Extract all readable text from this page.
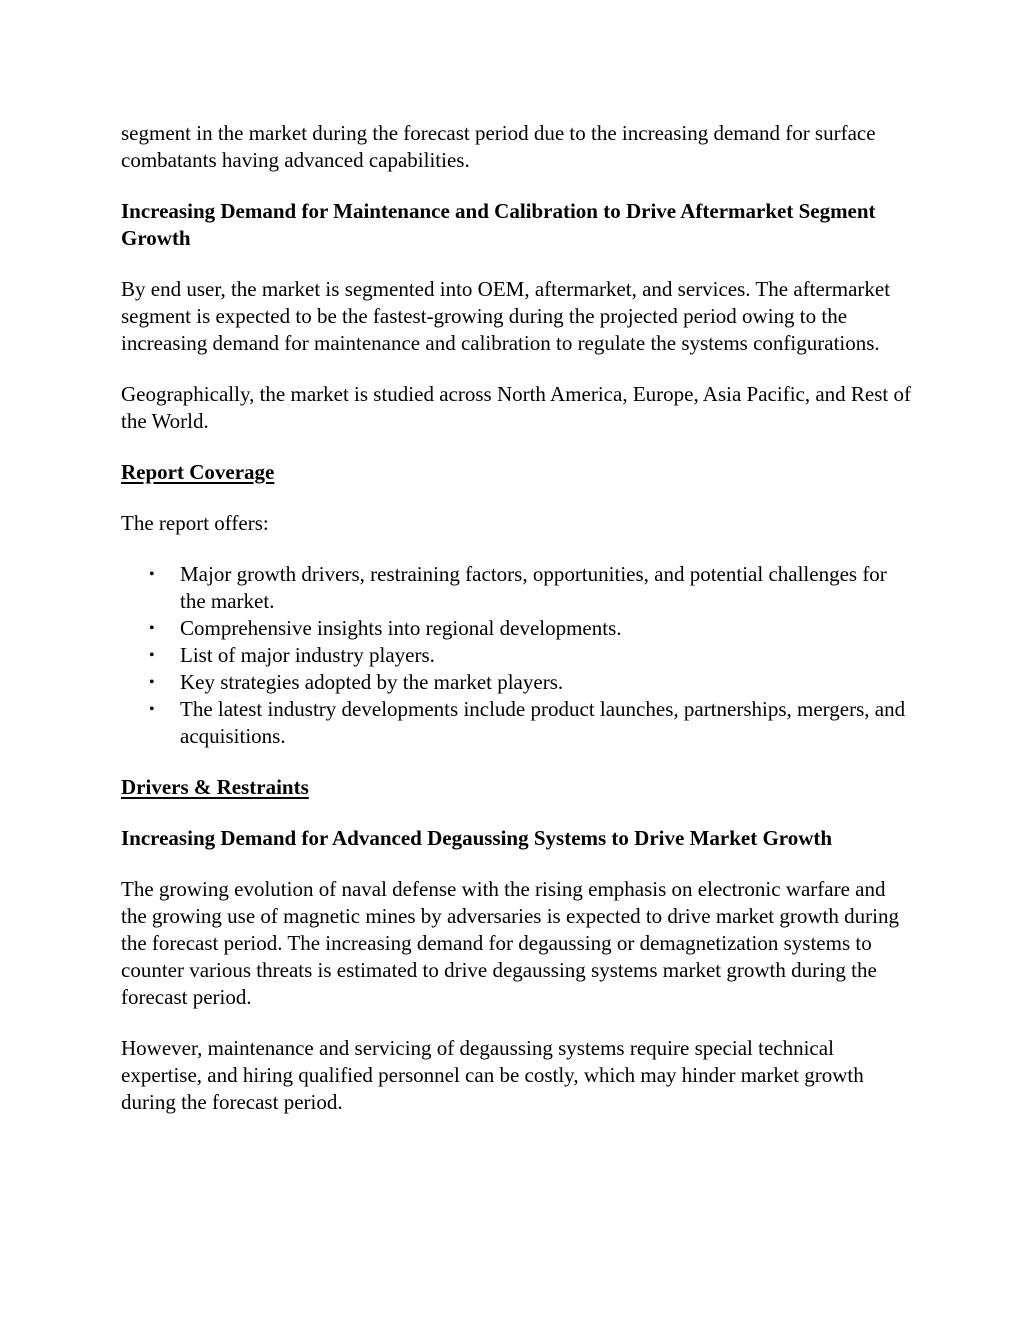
segment in the market during the forecast period due to the increasing demand for surface combatants having advanced capabilities.

Increasing Demand for Maintenance and Calibration to Drive Aftermarket Segment Growth

By end user, the market is segmented into OEM, aftermarket, and services. The aftermarket segment is expected to be the fastest-growing during the projected period owing to the increasing demand for maintenance and calibration to regulate the systems configurations.

Geographically, the market is studied across North America, Europe, Asia Pacific, and Rest of the World.

Report Coverage

The report offers:

• Major growth drivers, restraining factors, opportunities, and potential challenges for the market.
• Comprehensive insights into regional developments.
• List of major industry players.
• Key strategies adopted by the market players.
• The latest industry developments include product launches, partnerships, mergers, and acquisitions.

Drivers & Restraints

Increasing Demand for Advanced Degaussing Systems to Drive Market Growth

The growing evolution of naval defense with the rising emphasis on electronic warfare and the growing use of magnetic mines by adversaries is expected to drive market growth during the forecast period. The increasing demand for degaussing or demagnetization systems to counter various threats is estimated to drive degaussing systems market growth during the forecast period.

However, maintenance and servicing of degaussing systems require special technical expertise, and hiring qualified personnel can be costly, which may hinder market growth during the forecast period.
